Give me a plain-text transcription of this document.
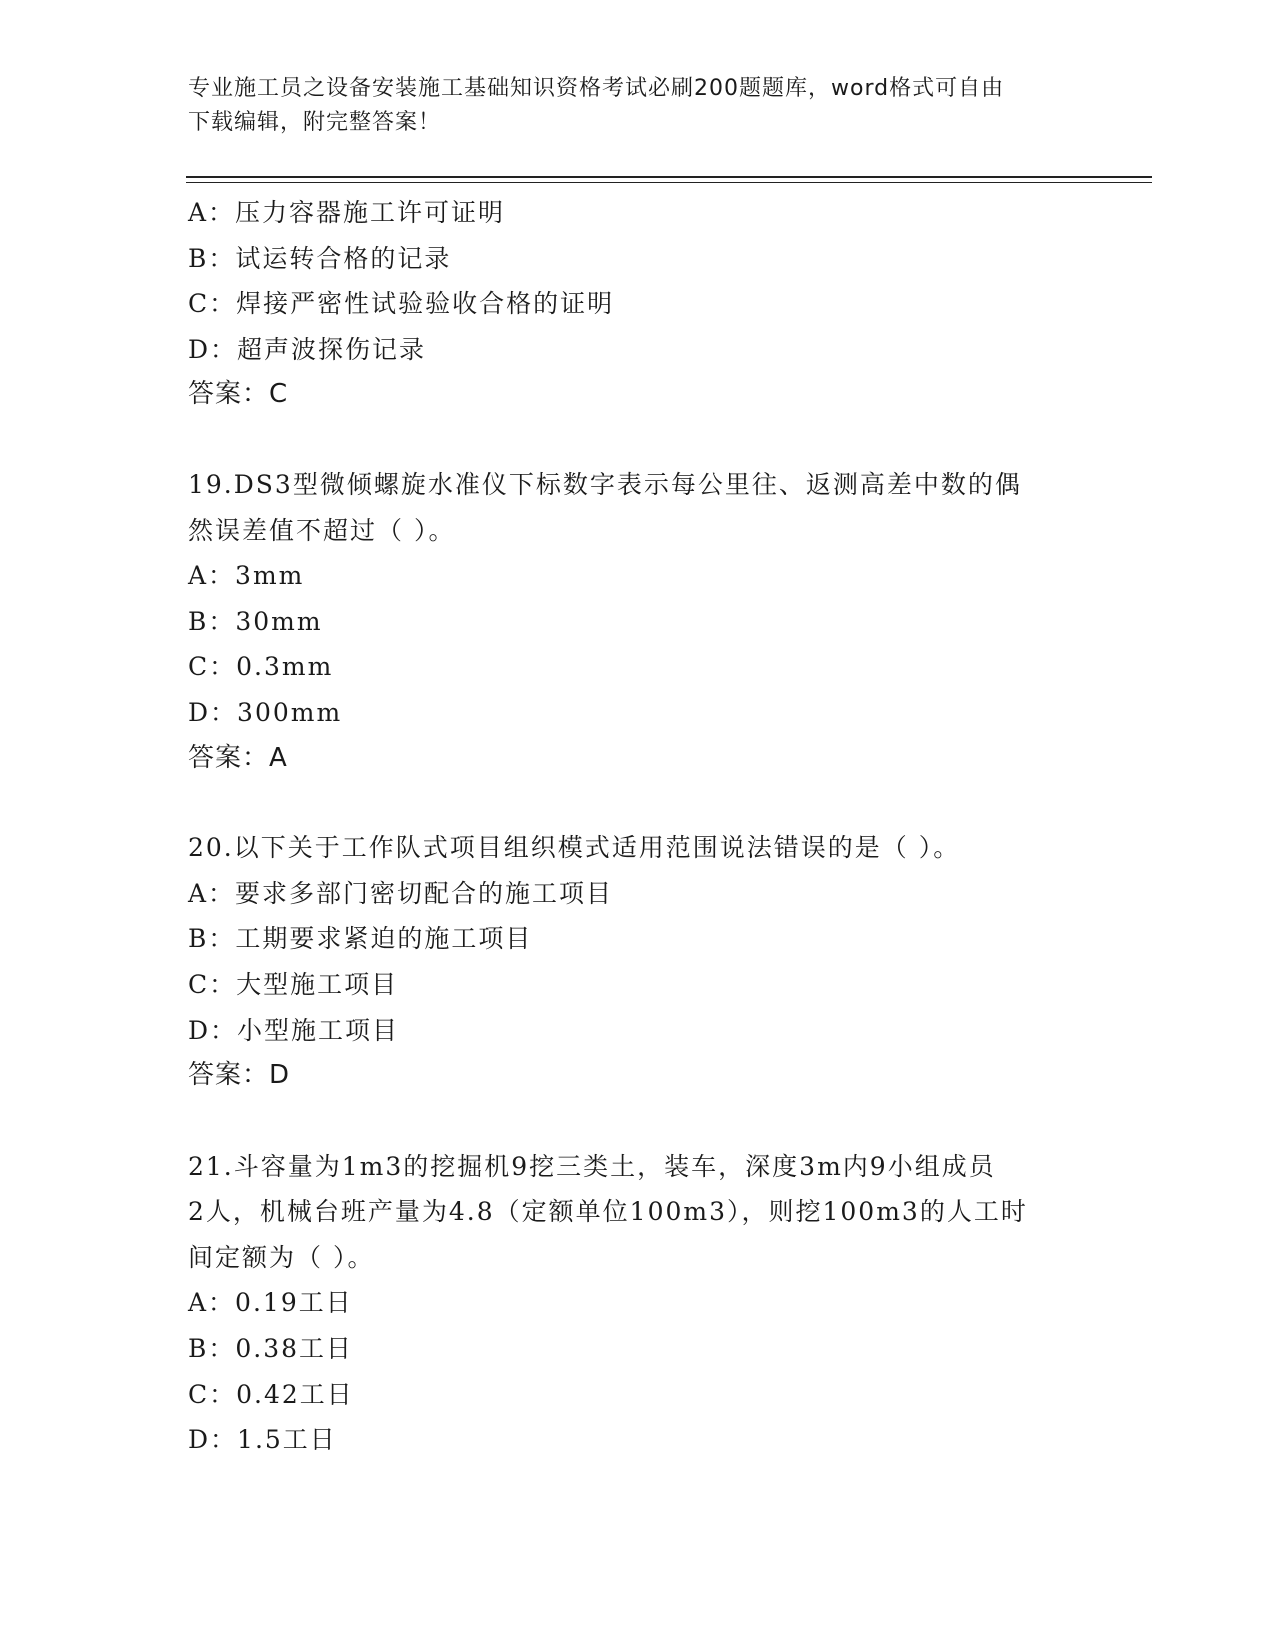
专业施工员之设备安装施工基础知识资格考试必刷200题题库，word格式可自由
下载编辑，附完整答案！
A：压力容器施工许可证明
B：试运转合格的记录
C：焊接严密性试验验收合格的证明
D：超声波探伤记录
答案：C
19.DS3型微倾螺旋水准仪下标数字表示每公里往、返测高差中数的偶
然误差值不超过（ ）。
A：3mm
B：30mm
C：0.3mm
D：300mm
答案：A
20.以下关于工作队式项目组织模式适用范围说法错误的是（ ）。
A：要求多部门密切配合的施工项目
B：工期要求紧迫的施工项目
C：大型施工项目
D：小型施工项目
答案：D
21.斗容量为1m3的挖掘机9挖三类土，装车，深度3m内9小组成员
2人，机械台班产量为4.8（定额单位100m3），则挖100m3的人工时
间定额为（ ）。
A：0.19工日
B：0.38工日
C：0.42工日
D：1.5工日
